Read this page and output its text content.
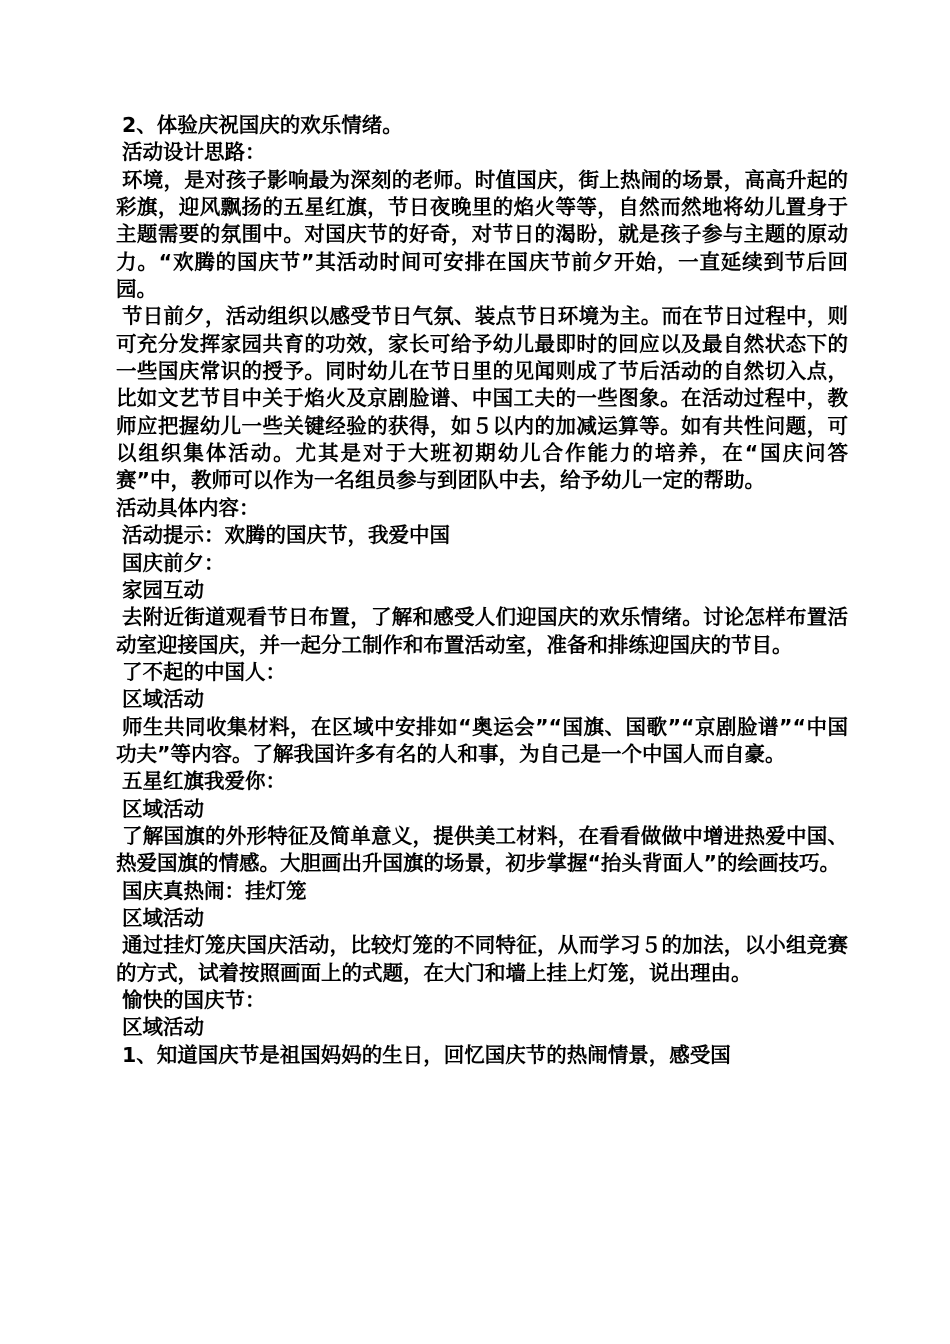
2、体验庆祝国庆的欢乐情绪。

活动设计思路：

环境，是对孩子影响最为深刻的老师。时值国庆，街上热闹的场景，高高升起的彩旗，迎风飘扬的五星红旗，节日夜晚里的焰火等等，自然而然地将幼儿置身于主题需要的氛围中。对国庆节的好奇，对节日的渴盼，就是孩子参与主题的原动力。“欢腾的国庆节”其活动时间可安排在国庆节前夕开始，一直延续到节后回园。

节日前夕，活动组织以感受节日气氛、装点节日环境为主。而在节日过程中，则可充分发挥家园共育的功效，家长可给予幼儿最即时的回应以及最自然状态下的一些国庆常识的授予。同时幼儿在节日里的见闻则成了节后活动的自然切入点，比如文艺节目中关于焰火及京剧脸谱、中国工夫的一些图象。在活动过程中，教师应把握幼儿一些关键经验的获得，如５以内的加减运算等。如有共性问题，可以组织集体活动。尤其是对于大班初期幼儿合作能力的培养，在“国庆问答赛”中，教师可以作为一名组员参与到团队中去，给予幼儿一定的帮助。

活动具体内容：

活动提示：欢腾的国庆节，我爱中国

国庆前夕：

家园互动

去附近街道观看节日布置，了解和感受人们迎国庆的欢乐情绪。讨论怎样布置活动室迎接国庆，并一起分工制作和布置活动室，准备和排练迎国庆的节目。

了不起的中国人：

区域活动

师生共同收集材料，在区域中安排如“奥运会”“国旗、国歌”“京剧脸谱”“中国功夫”等内容。了解我国许多有名的人和事，为自己是一个中国人而自豪。

五星红旗我爱你：

区域活动

了解国旗的外形特征及简单意义，提供美工材料，在看看做做中增进热爱中国、热爱国旗的情感。大胆画出升国旗的场景，初步掌握“抬头背面人”的绘画技巧。

国庆真热闹：挂灯笼

区域活动

通过挂灯笼庆国庆活动，比较灯笼的不同特征，从而学习５的加法，以小组竞赛的方式，试着按照画面上的式题，在大门和墙上挂上灯笼，说出理由。

愉快的国庆节：

区域活动

1、知道国庆节是祖国妈妈的生日，回忆国庆节的热闹情景，感受国
